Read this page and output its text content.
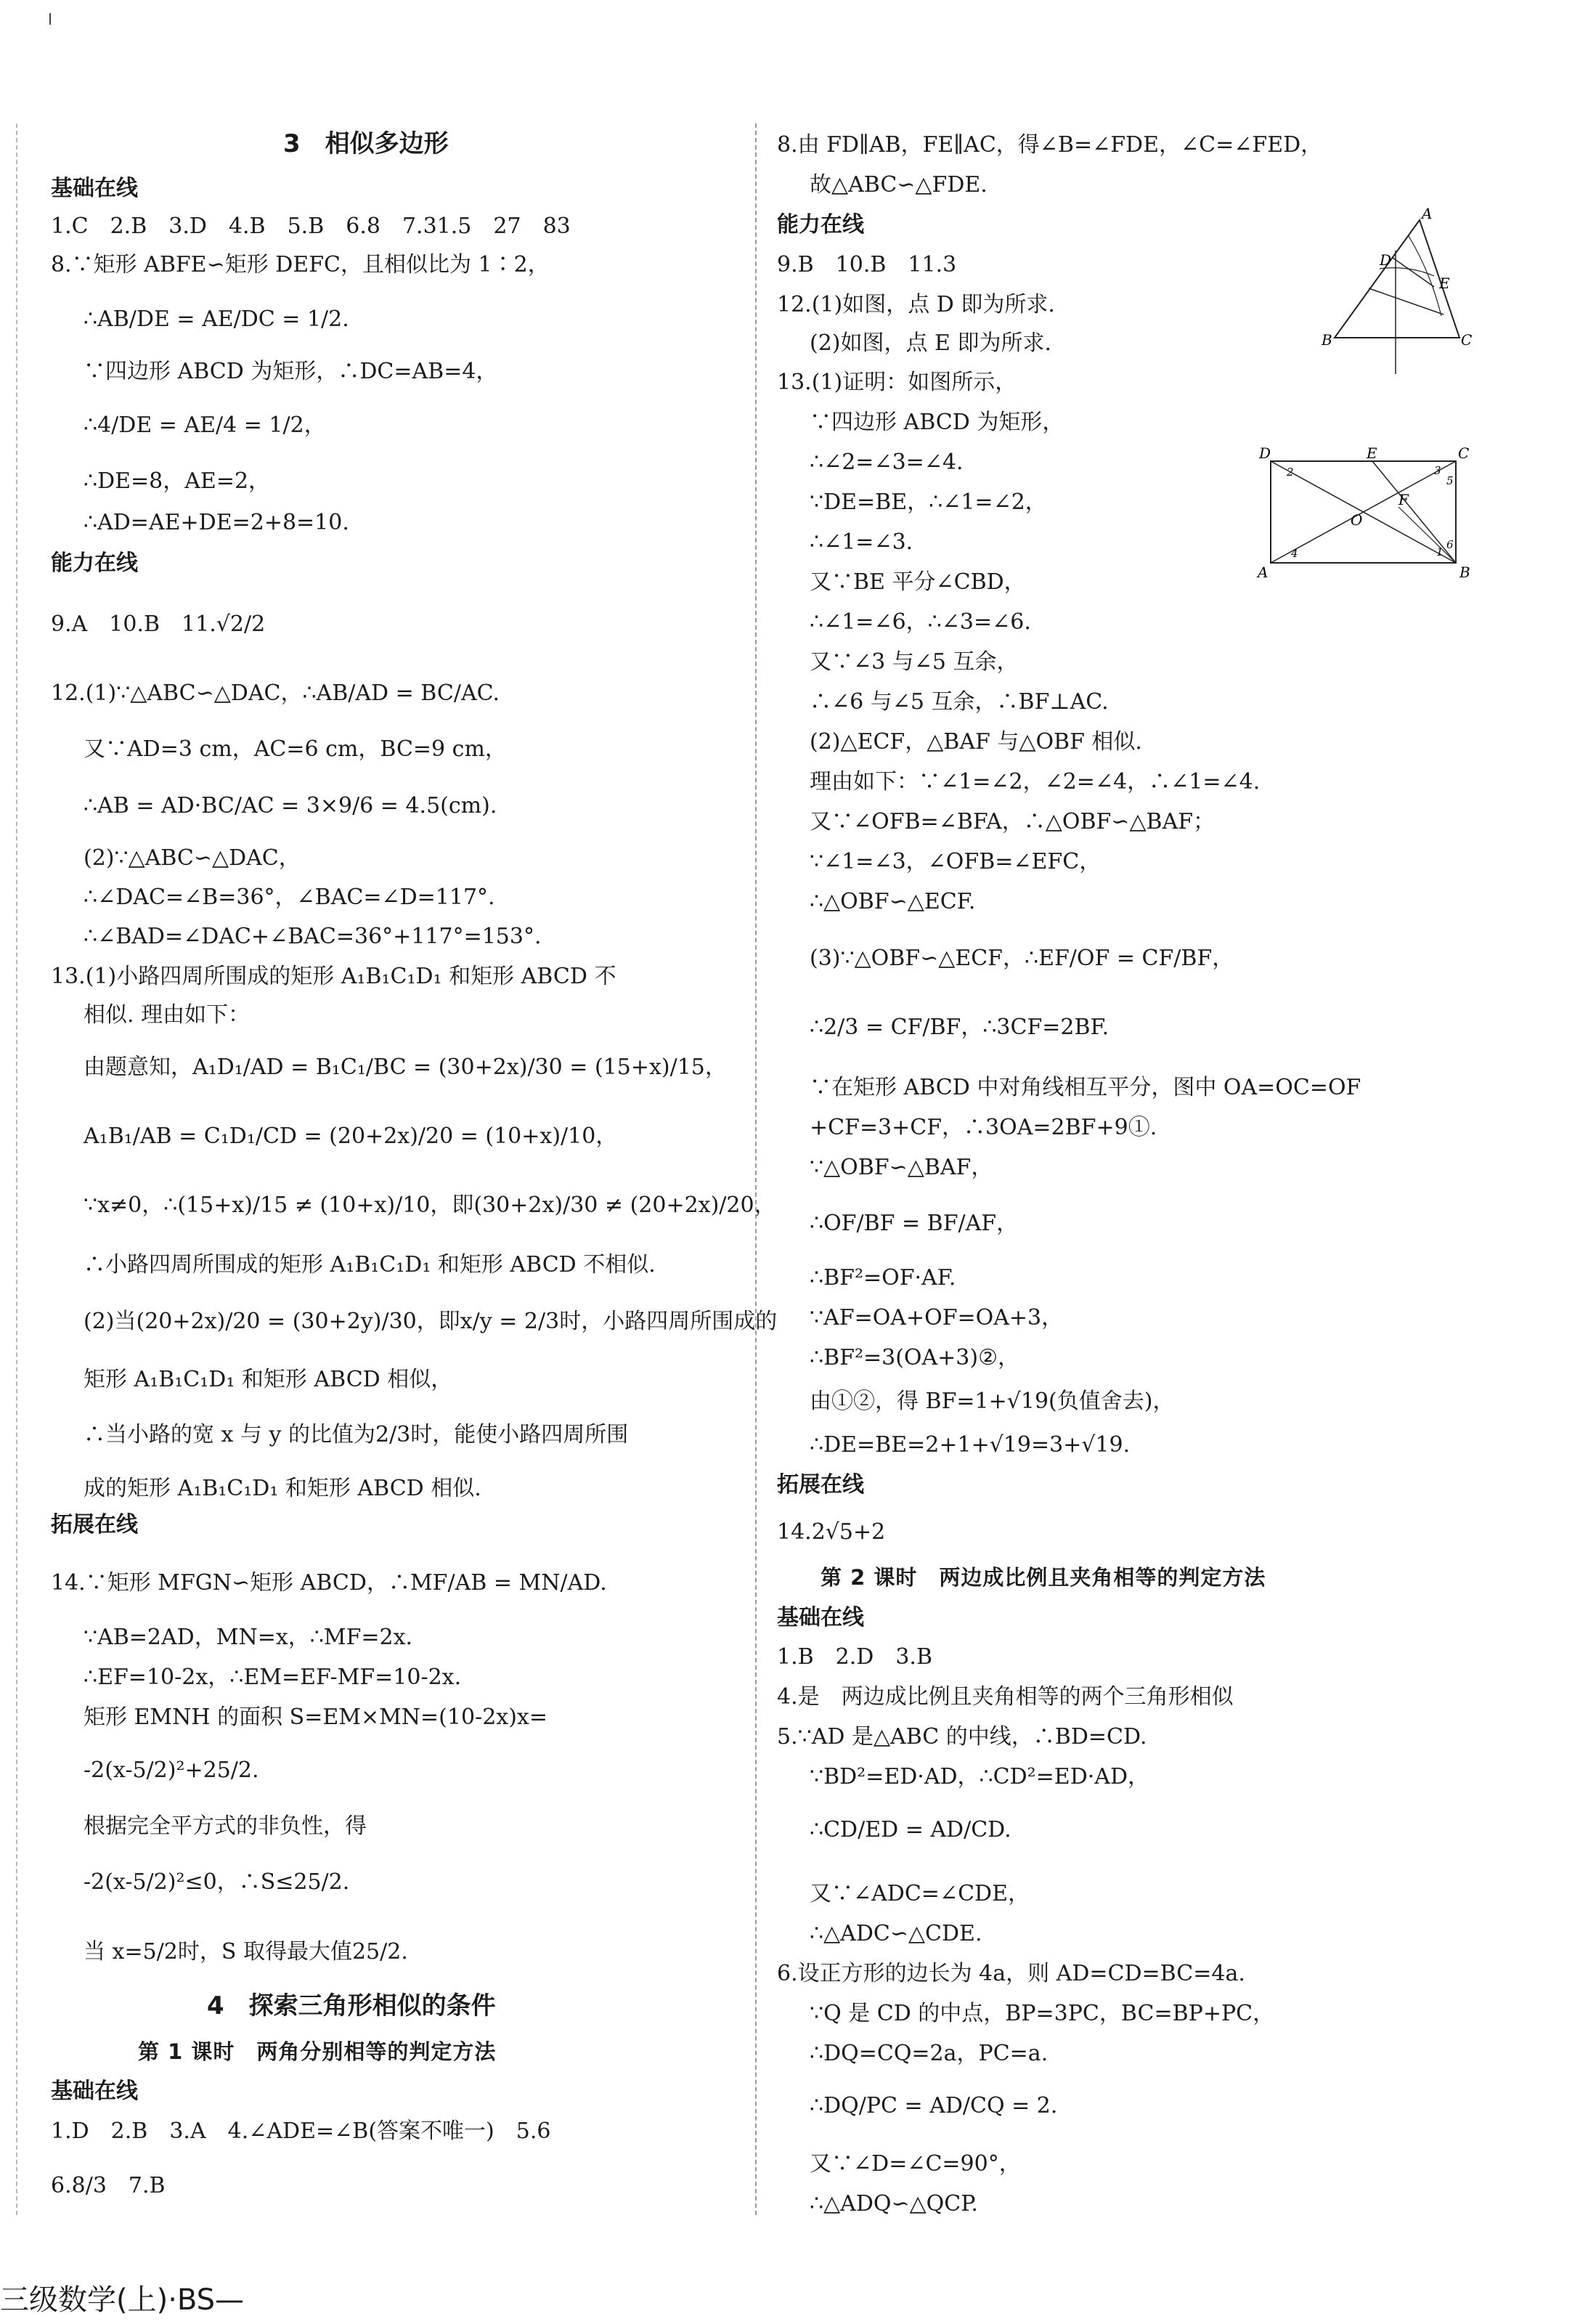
3　相似多边形
基础在线
1.C　2.B　3.D　4.B　5.B　6.8　7.31.5　27　83
8.∵矩形 ABFE∽矩形 DEFC，且相似比为 1∶2，
∴AB/DE = AE/DC = 1/2.
∵四边形 ABCD 为矩形，∴DC=AB=4，
∴4/DE = AE/4 = 1/2，
∴DE=8，AE=2，
∴AD=AE+DE=2+8=10.
能力在线
9.A　10.B　11.√2/2
12.(1)∵△ABC∽△DAC，∴AB/AD = BC/AC.
又∵AD=3 cm，AC=6 cm，BC=9 cm，
∴AB = AD·BC/AC = 3×9/6 = 4.5(cm).
(2)∵△ABC∽△DAC，
∴∠DAC=∠B=36°，∠BAC=∠D=117°.
∴∠BAD=∠DAC+∠BAC=36°+117°=153°.
13.(1)小路四周所围成的矩形 A₁B₁C₁D₁ 和矩形 ABCD 不
相似. 理由如下：
由题意知，A₁D₁/AD = B₁C₁/BC = (30+2x)/30 = (15+x)/15，
A₁B₁/AB = C₁D₁/CD = (20+2x)/20 = (10+x)/10，
∵x≠0，∴(15+x)/15 ≠ (10+x)/10，即(30+2x)/30 ≠ (20+2x)/20，
∴小路四周所围成的矩形 A₁B₁C₁D₁ 和矩形 ABCD 不相似.
(2)当(20+2x)/20 = (30+2y)/30，即x/y = 2/3时，小路四周所围成的
矩形 A₁B₁C₁D₁ 和矩形 ABCD 相似，
∴当小路的宽 x 与 y 的比值为2/3时，能使小路四周所围
成的矩形 A₁B₁C₁D₁ 和矩形 ABCD 相似.
拓展在线
14.∵矩形 MFGN∽矩形 ABCD，∴MF/AB = MN/AD.
∵AB=2AD，MN=x，∴MF=2x.
∴EF=10-2x，∴EM=EF-MF=10-2x.
矩形 EMNH 的面积 S=EM×MN=(10-2x)x=
-2(x-5/2)²+25/2.
根据完全平方式的非负性，得
-2(x-5/2)²≤0，∴S≤25/2.
当 x=5/2时，S 取得最大值25/2.
4　探索三角形相似的条件
第 1 课时　两角分别相等的判定方法
基础在线
1.D　2.B　3.A　4.∠ADE=∠B(答案不唯一)　5.6
6.8/3　7.B
8.由 FD∥AB，FE∥AC，得∠B=∠FDE，∠C=∠FED，
故△ABC∽△FDE.
能力在线
9.B　10.B　11.3
12.(1)如图，点 D 即为所求.
(2)如图，点 E 即为所求.
13.(1)证明：如图所示，
∵四边形 ABCD 为矩形，
∴∠2=∠3=∠4.
∵DE=BE，∴∠1=∠2，
∴∠1=∠3.
又∵BE 平分∠CBD，
∴∠1=∠6，∴∠3=∠6.
又∵∠3 与∠5 互余，
∴∠6 与∠5 互余，∴BF⊥AC.
(2)△ECF，△BAF 与△OBF 相似.
理由如下：∵∠1=∠2，∠2=∠4，∴∠1=∠4.
又∵∠OFB=∠BFA，∴△OBF∽△BAF；
∵∠1=∠3，∠OFB=∠EFC，
∴△OBF∽△ECF.
(3)∵△OBF∽△ECF，∴EF/OF = CF/BF，
∴2/3 = CF/BF，∴3CF=2BF.
∵在矩形 ABCD 中对角线相互平分，图中 OA=OC=OF
+CF=3+CF，∴3OA=2BF+9①.
∵△OBF∽△BAF，
∴OF/BF = BF/AF，
∴BF²=OF·AF.
∵AF=OA+OF=OA+3，
∴BF²=3(OA+3)②，
由①②，得 BF=1+√19(负值舍去)，
∴DE=BE=2+1+√19=3+√19.
拓展在线
14.2√5+2
第 2 课时　两边成比例且夹角相等的判定方法
基础在线
1.B　2.D　3.B
4.是　两边成比例且夹角相等的两个三角形相似
5.∵AD 是△ABC 的中线，∴BD=CD.
∵BD²=ED·AD，∴CD²=ED·AD，
∴CD/ED = AD/CD.
又∵∠ADC=∠CDE，
∴△ADC∽△CDE.
6.设正方形的边长为 4a，则 AD=CD=BC=4a.
∵Q 是 CD 的中点，BP=3PC，BC=BP+PC，
∴DQ=CQ=2a，PC=a.
∴DQ/PC = AD/CQ = 2.
又∵∠D=∠C=90°，
∴△ADQ∽△QCP.
A
B	C
D
E
D	E	C
A	B
O
F
1
2	3
4
5
6
三级数学(上)·BS—
